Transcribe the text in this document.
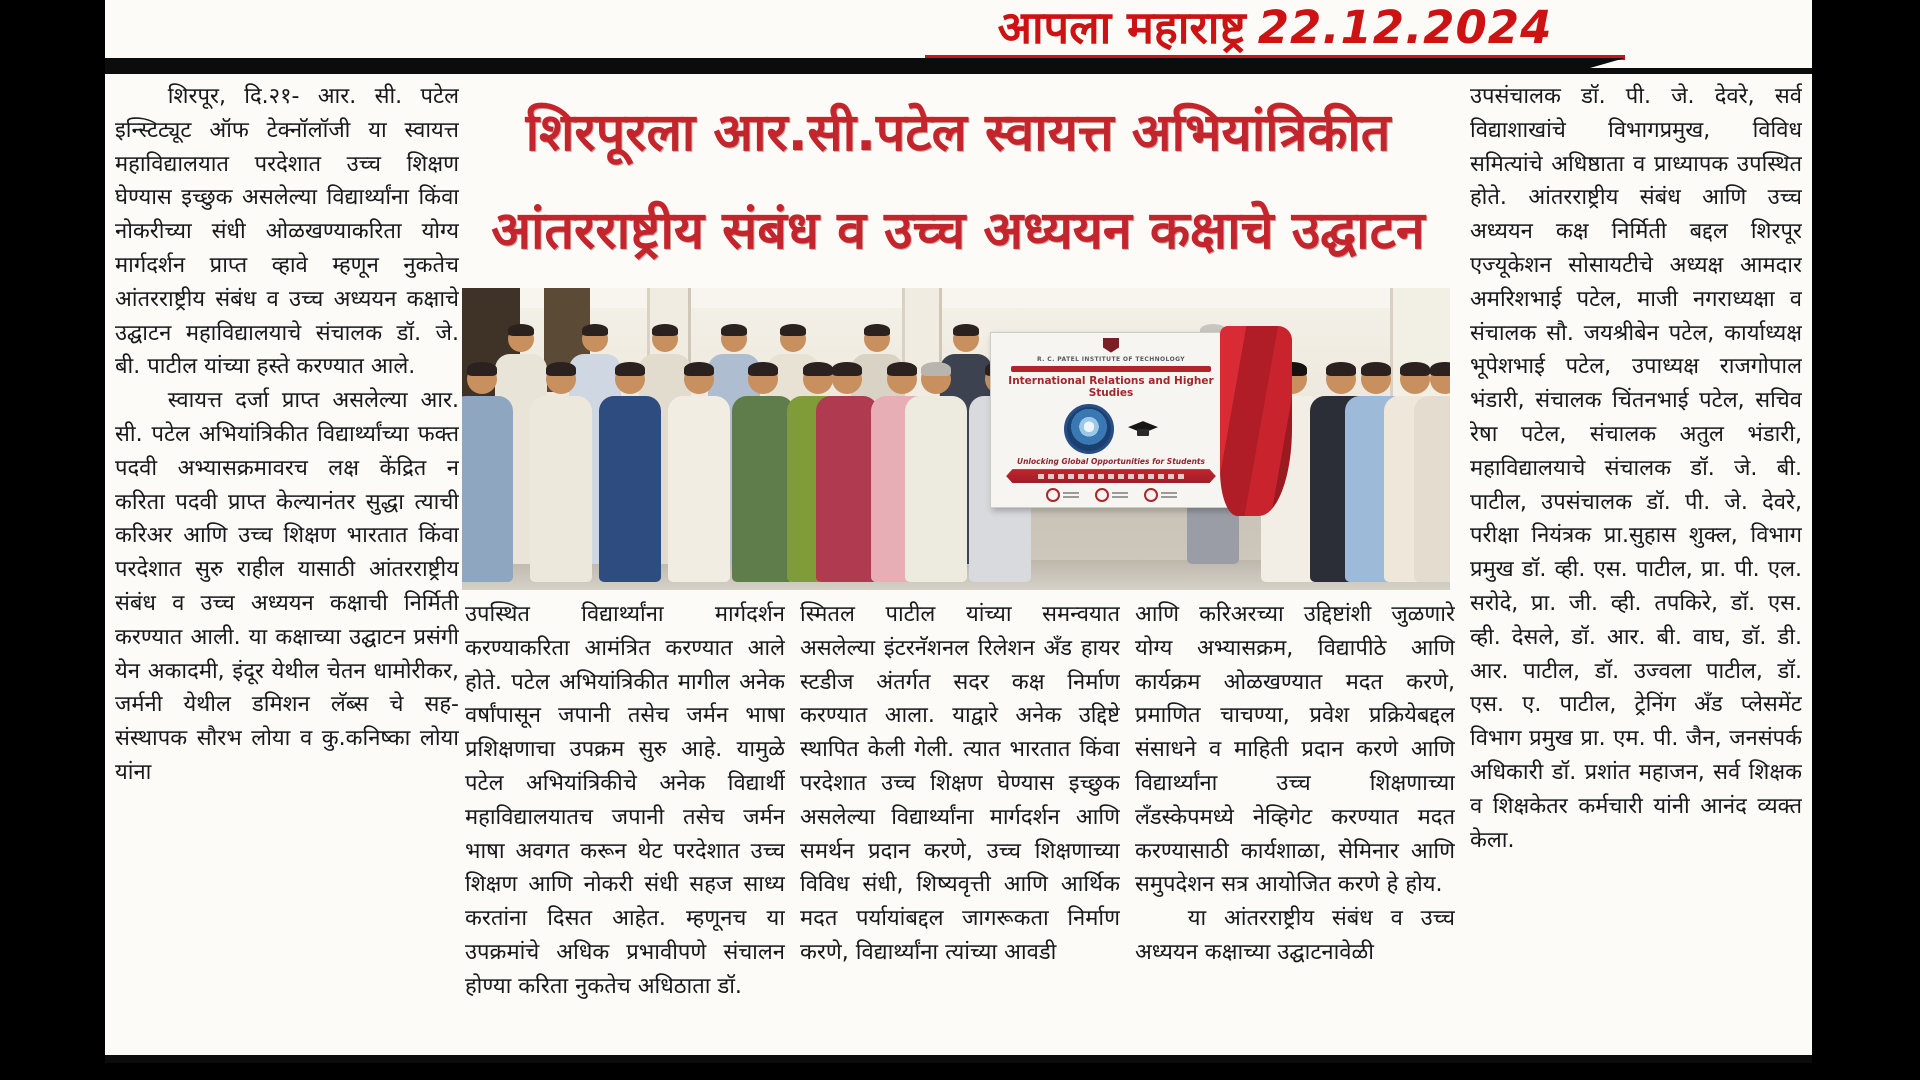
आपला महाराष्ट्र 22.12.2024
शिरपूरला आर.सी.पटेल स्वायत्त अभियांत्रिकीत
आंतरराष्ट्रीय संबंध व उच्च अध्ययन कक्षाचे उद्घाटन

शिरपूर, दि.२१- आर. सी. पटेल इन्स्टिट्यूट ऑफ टेक्नॉलॉजी या स्वायत्त महाविद्यालयात परदेशात उच्च शिक्षण घेण्यास इच्छुक असलेल्या विद्यार्थ्यांना किंवा नोकरीच्या संधी ओळखण्याकरिता योग्य मार्गदर्शन प्राप्त व्हावे म्हणून नुकतेच आंतरराष्ट्रीय संबंध व उच्च अध्ययन कक्षाचे उद्घाटन महाविद्यालयाचे संचालक डॉ. जे. बी. पाटील यांच्या हस्ते करण्यात आले.

स्वायत्त दर्जा प्राप्त असलेल्या आर. सी. पटेल अभियांत्रिकीत विद्यार्थ्यांच्या फक्त पदवी अभ्यासक्रमावरच लक्ष केंद्रित न करिता पदवी प्राप्त केल्यानंतर सुद्धा त्याची करिअर आणि उच्च शिक्षण भारतात किंवा परदेशात सुरु राहील यासाठी आंतरराष्ट्रीय संबंध व उच्च अध्ययन कक्षाची निर्मिती करण्यात आली. या कक्षाच्या उद्घाटन प्रसंगी येन अकादमी, इंदूर येथील चेतन धामोरीकर, जर्मनी येथील डमिशन लॅब्स चे सह-संस्थापक सौरभ लोया व कु.कनिष्का लोया यांना

R. C. PATEL INSTITUTE OF TECHNOLOGY
International Relations and Higher Studies
Unlocking Global Opportunities for Students

उपस्थित विद्यार्थ्यांना मार्गदर्शन करण्याकरिता आमंत्रित करण्यात आले होते. पटेल अभियांत्रिकीत मागील अनेक वर्षांपासून जपानी तसेच जर्मन भाषा प्रशिक्षणाचा उपक्रम सुरु आहे. यामुळे पटेल अभियांत्रिकीचे अनेक विद्यार्थी महाविद्यालयातच जपानी तसेच जर्मन भाषा अवगत करून थेट परदेशात उच्च शिक्षण आणि नोकरी संधी सहज साध्य करतांना दिसत आहेत. म्हणूनच या उपक्रमांचे अधिक प्रभावीपणे संचालन होण्या करिता नुकतेच अधिठाता डॉ.

स्मितल पाटील यांच्या समन्वयात असलेल्या इंटरनॅशनल रिलेशन अँड हायर स्टडीज अंतर्गत सदर कक्ष निर्माण करण्यात आला. याद्वारे अनेक उद्दिष्टे स्थापित केली गेली. त्यात भारतात किंवा परदेशात उच्च शिक्षण घेण्यास इच्छुक असलेल्या विद्यार्थ्यांना मार्गदर्शन आणि समर्थन प्रदान करणे, उच्च शिक्षणाच्या विविध संधी, शिष्यवृत्ती आणि आर्थिक मदत पर्यायांबद्दल जागरूकता निर्माण करणे, विद्यार्थ्यांना त्यांच्या आवडी

आणि करिअरच्या उद्दिष्टांशी जुळणारे योग्य अभ्यासक्रम, विद्यापीठे आणि कार्यक्रम ओळखण्यात मदत करणे, प्रमाणित चाचण्या, प्रवेश प्रक्रियेबद्दल संसाधने व माहिती प्रदान करणे आणि विद्यार्थ्यांना उच्च शिक्षणाच्या लँडस्केपमध्ये नेव्हिगेट करण्यात मदत करण्यासाठी कार्यशाळा, सेमिनार आणि समुपदेशन सत्र आयोजित करणे हे होय.

या आंतरराष्ट्रीय संबंध व उच्च अध्ययन कक्षाच्या उद्घाटनावेळी

उपसंचालक डॉ. पी. जे. देवरे, सर्व विद्याशाखांचे विभागप्रमुख, विविध समित्यांचे अधिष्ठाता व प्राध्यापक उपस्थित होते. आंतरराष्ट्रीय संबंध आणि उच्च अध्ययन कक्ष निर्मिती बद्दल शिरपूर एज्यूकेशन सोसायटीचे अध्यक्ष आमदार अमरिशभाई पटेल, माजी नगराध्यक्षा व संचालक सौ. जयश्रीबेन पटेल, कार्याध्यक्ष भूपेशभाई पटेल, उपाध्यक्ष राजगोपाल भंडारी, संचालक चिंतनभाई पटेल, सचिव रेषा पटेल, संचालक अतुल भंडारी, महाविद्यालयाचे संचालक डॉ. जे. बी. पाटील, उपसंचालक डॉ. पी. जे. देवरे, परीक्षा नियंत्रक प्रा.सुहास शुक्ल, विभाग प्रमुख डॉ. व्ही. एस. पाटील, प्रा. पी. एल. सरोदे, प्रा. जी. व्ही. तपकिरे, डॉ. एस. व्ही. देसले, डॉ. आर. बी. वाघ, डॉ. डी. आर. पाटील, डॉ. उज्वला पाटील, डॉ. एस. ए. पाटील, ट्रेनिंग अँड प्लेसमेंट विभाग प्रमुख प्रा. एम. पी. जैन, जनसंपर्क अधिकारी डॉ. प्रशांत महाजन, सर्व शिक्षक व शिक्षकेतर कर्मचारी यांनी आनंद व्यक्त केला.
